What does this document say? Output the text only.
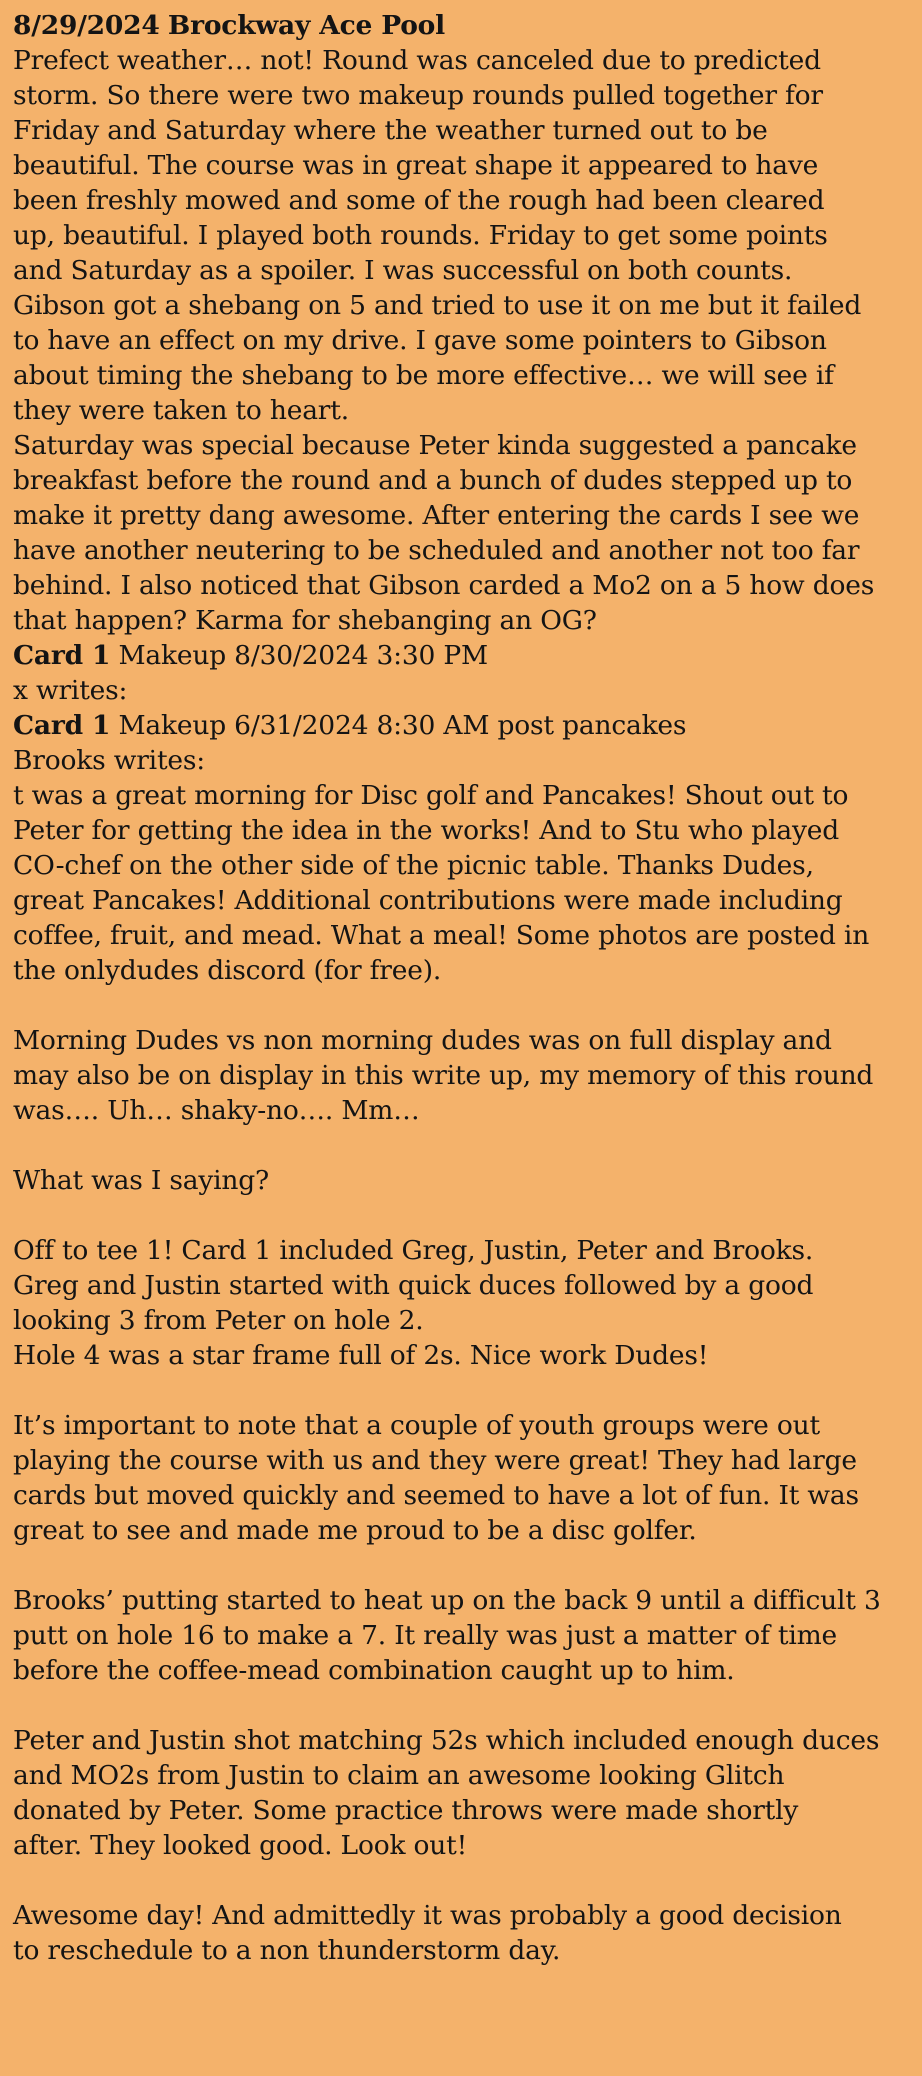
8/29/2024 Brockway Ace Pool
Prefect weather… not! Round was canceled due to predicted
storm. So there were two makeup rounds pulled together for
Friday and Saturday where the weather turned out to be
beautiful. The course was in great shape it appeared to have
been freshly mowed and some of the rough had been cleared
up, beautiful. I played both rounds. Friday to get some points
and Saturday as a spoiler. I was successful on both counts.
Gibson got a shebang on 5 and tried to use it on me but it failed
to have an effect on my drive. I gave some pointers to Gibson
about timing the shebang to be more effective… we will see if
they were taken to heart.
Saturday was special because Peter kinda suggested a pancake
breakfast before the round and a bunch of dudes stepped up to
make it pretty dang awesome. After entering the cards I see we
have another neutering to be scheduled and another not too far
behind. I also noticed that Gibson carded a Mo2 on a 5 how does
that happen? Karma for shebanging an OG?
Card 1 Makeup 8/30/2024 3:30 PM
x writes:
Card 1 Makeup 6/31/2024 8:30 AM post pancakes
Brooks writes:
t was a great morning for Disc golf and Pancakes! Shout out to
Peter for getting the idea in the works! And to Stu who played
CO-chef on the other side of the picnic table. Thanks Dudes,
great Pancakes! Additional contributions were made including
coffee, fruit, and mead. What a meal! Some photos are posted in
the onlydudes discord (for free).
Morning Dudes vs non morning dudes was on full display and
may also be on display in this write up, my memory of this round
was…. Uh… shaky-no…. Mm…
What was I saying?
Off to tee 1! Card 1 included Greg, Justin, Peter and Brooks.
Greg and Justin started with quick duces followed by a good
looking 3 from Peter on hole 2.
Hole 4 was a star frame full of 2s. Nice work Dudes!
It’s important to note that a couple of youth groups were out
playing the course with us and they were great! They had large
cards but moved quickly and seemed to have a lot of fun. It was
great to see and made me proud to be a disc golfer.
Brooks’ putting started to heat up on the back 9 until a difficult 3
putt on hole 16 to make a 7. It really was just a matter of time
before the coffee-mead combination caught up to him.
Peter and Justin shot matching 52s which included enough duces
and MO2s from Justin to claim an awesome looking Glitch
donated by Peter. Some practice throws were made shortly
after. They looked good. Look out!
Awesome day! And admittedly it was probably a good decision
to reschedule to a non thunderstorm day.
